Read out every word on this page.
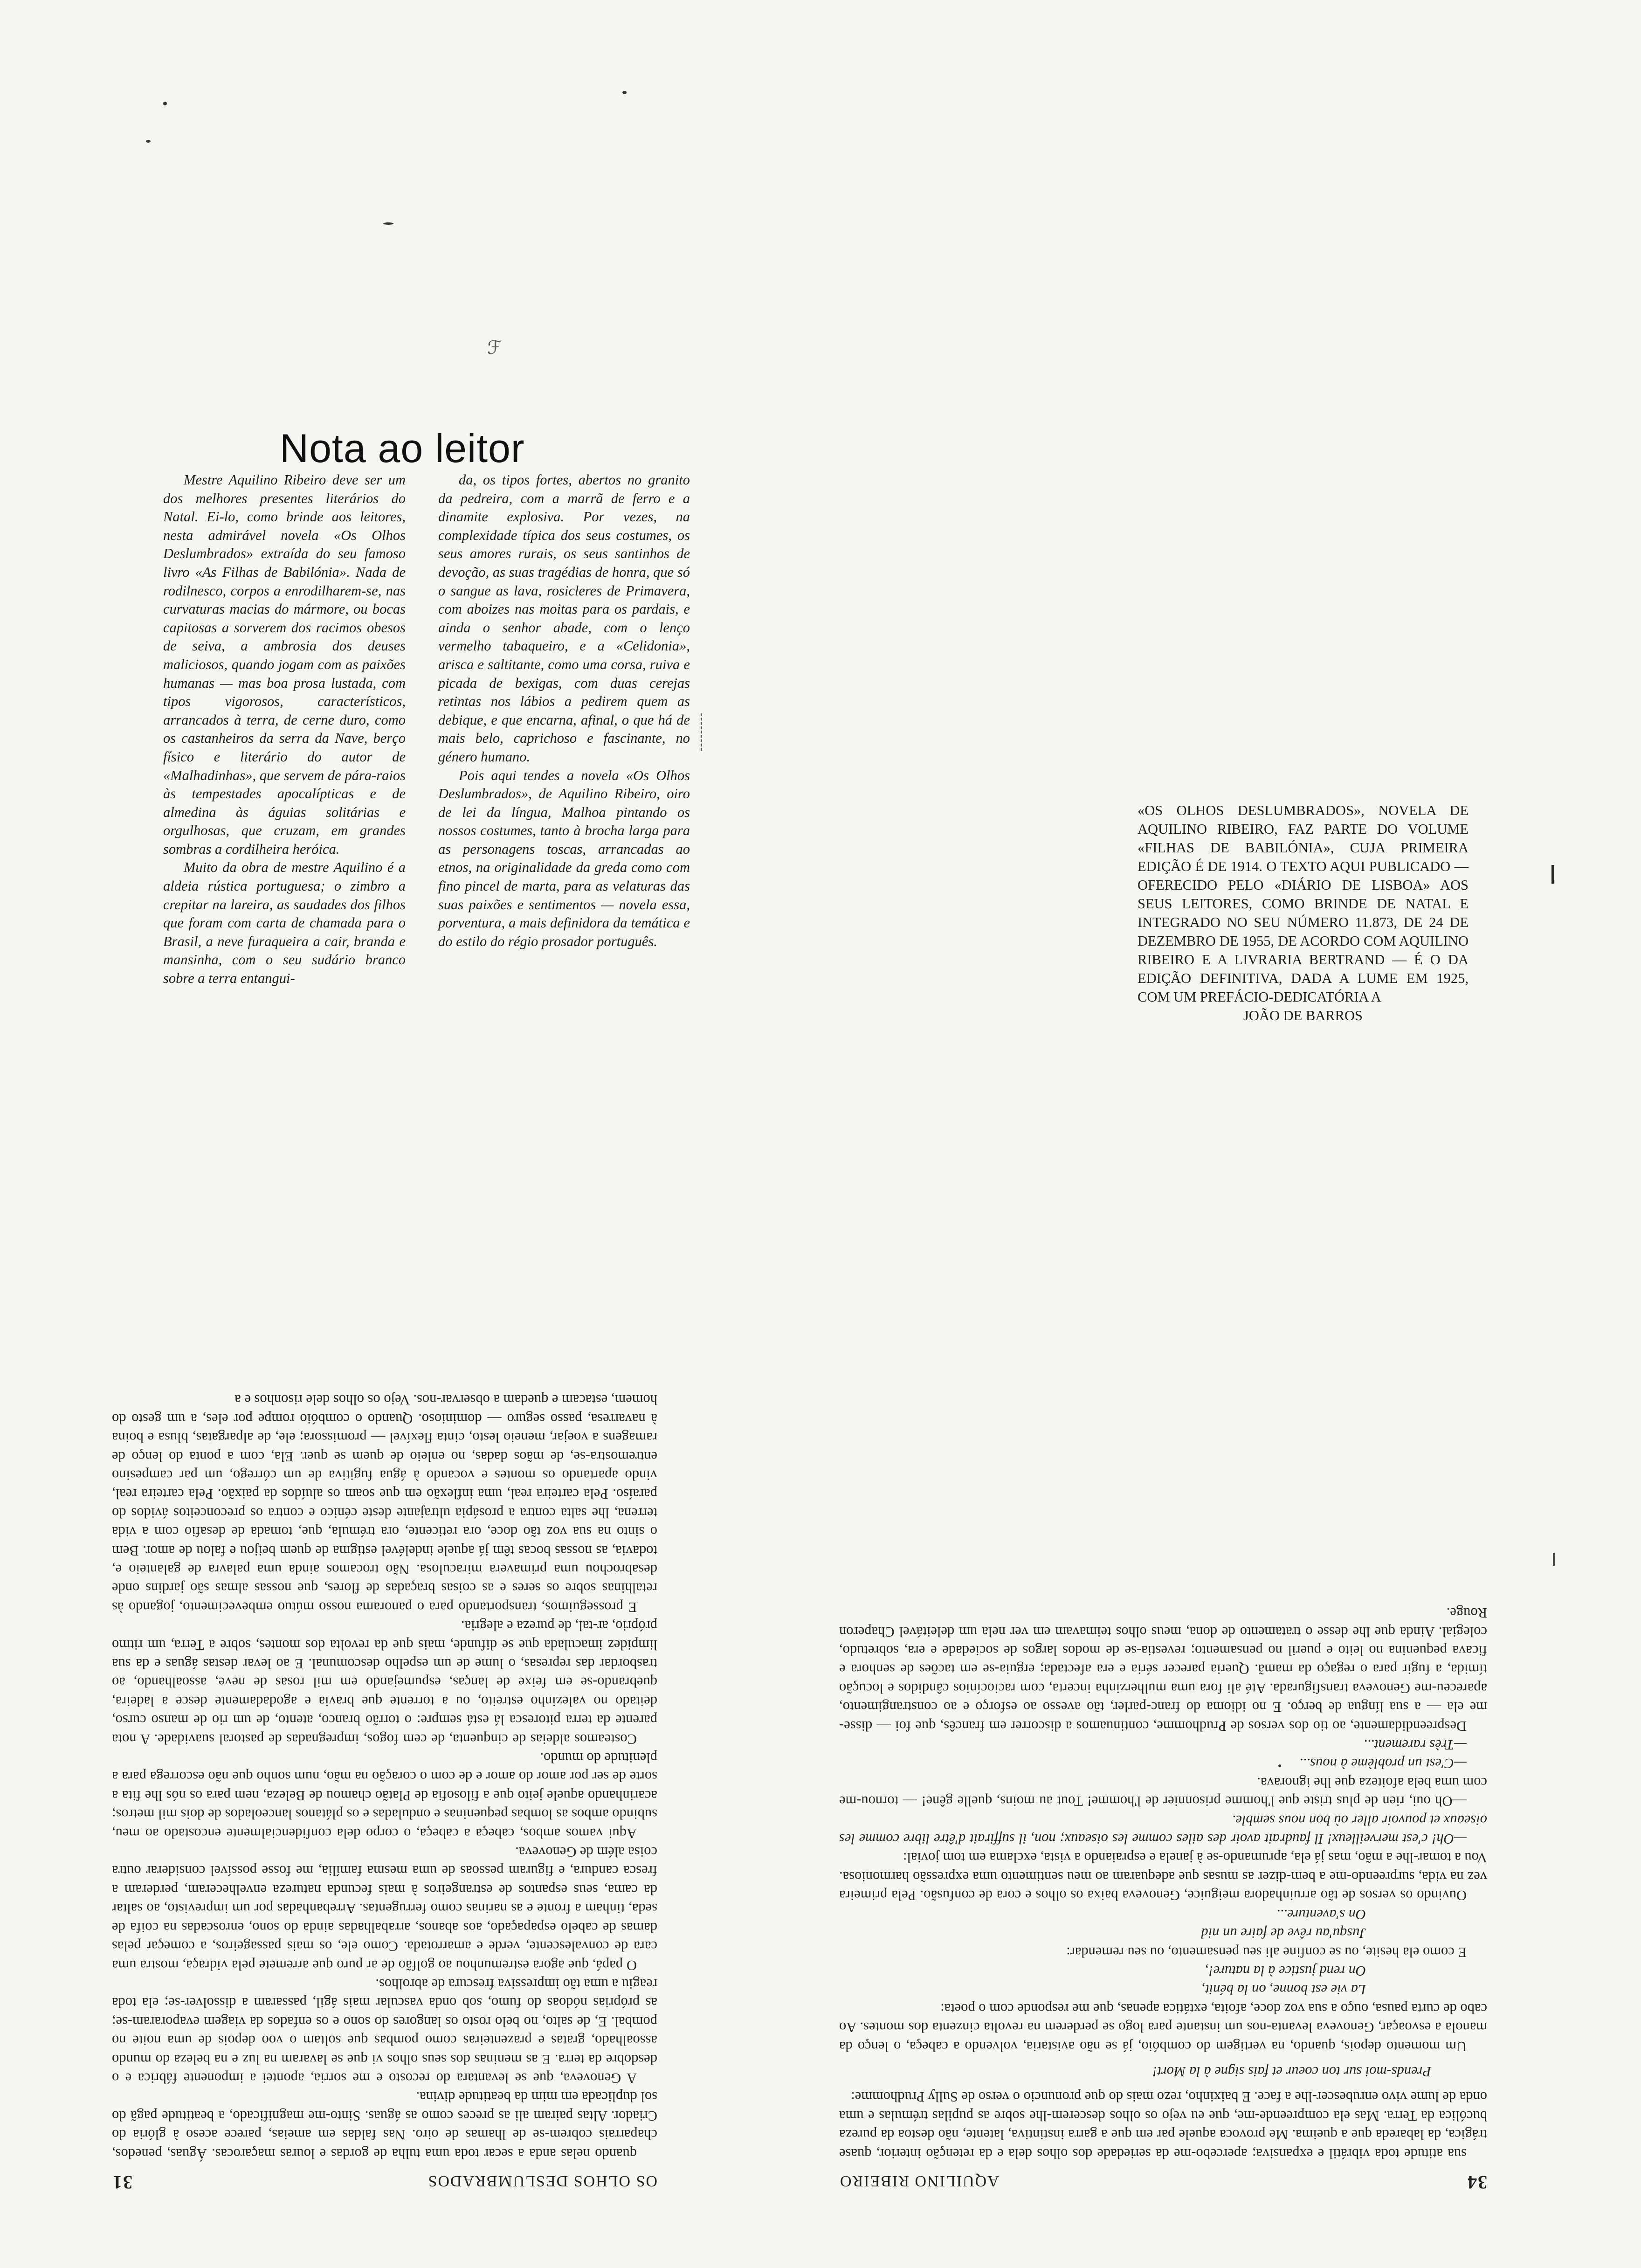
ℱ
Nota ao leitor

Mestre Aquilino Ribeiro deve ser um dos melhores presentes literários do Natal. Ei-lo, como brinde aos leitores, nesta admirável novela «Os Olhos Deslumbrados» extraída do seu famoso livro «As Filhas de Babilónia». Nada de rodilnesco, corpos a enrodilharem-se, nas curvaturas macias do mármore, ou bocas capitosas a sorverem dos racimos obesos de seiva, a ambrosia dos deuses maliciosos, quando jogam com as paixões humanas — mas boa prosa lustada, com tipos vigorosos, característicos, arrancados à terra, de cerne duro, como os castanheiros da serra da Nave, berço físico e literário do autor de «Malhadinhas», que servem de pára-raios às tempestades apocalípticas e de almedina às águias solitárias e orgulhosas, que cruzam, em grandes sombras a cordilheira heróica.

Muito da obra de mestre Aquilino é a aldeia rústica portuguesa; o zimbro a crepitar na lareira, as saudades dos filhos que foram com carta de chamada para o Brasil, a neve furaqueira a cair, branda e mansinha, com o seu sudário branco sobre a terra entangui-

da, os tipos fortes, abertos no granito da pedreira, com a marrã de ferro e a dinamite explosiva. Por vezes, na complexidade típica dos seus costumes, os seus amores rurais, os seus santinhos de devoção, as suas tragédias de honra, que só o sangue as lava, rosicleres de Primavera, com aboizes nas moitas para os pardais, e ainda o senhor abade, com o lenço vermelho tabaqueiro, e a «Celidonia», arisca e saltitante, como uma corsa, ruiva e picada de bexigas, com duas cerejas retintas nos lábios a pedirem quem as debique, e que encarna, afinal, o que há de mais belo, caprichoso e fascinante, no género humano.

Pois aqui tendes a novela «Os Olhos Deslumbrados», de Aquilino Ribeiro, oiro de lei da língua, Malhoa pintando os nossos costumes, tanto à brocha larga para as personagens toscas, arrancadas ao etnos, na originalidade da greda como com fino pincel de marta, para as velaturas das suas paixões e sentimentos — novela essa, porventura, a mais definidora da temática e do estilo do régio prosador português.

«OS OLHOS DESLUMBRADOS», NOVELA DE AQUILINO RIBEIRO, FAZ PARTE DO VOLUME «FILHAS DE BABILÓNIA», CUJA PRIMEIRA EDIÇÃO É DE 1914. O TEXTO AQUI PUBLICADO — OFERECIDO PELO «DIÁRIO DE LISBOA» AOS SEUS LEITORES, COMO BRINDE DE NATAL E INTEGRADO NO SEU NÚMERO 11.873, DE 24 DE DEZEMBRO DE 1955, DE ACORDO COM AQUILINO RIBEIRO E A LIVRARIA BERTRAND — É O DA EDIÇÃO DEFINITIVA, DADA A LUME EM 1925, COM UM PREFÁCIO-DEDICATÓRIA A
JOÃO DE BARROS
OS OLHOS DESLUMBRADOS
31

quando nelas anda a secar toda uma tulha de gordas e louras maçarocas. Águas, penedos, chaparrais cobrem-se de lhamas de oiro. Nas faldas em ameias, parece aceso à glória do Criador. Altas pairam ali as preces como as águas. Sinto-me magnificado, a beatitude pagã do sol duplicada em mim da beatitude divina.

A Genoveva, que se levantara do recosto e me sorria, apontei a imponente fábrica e o desdobre da terra. E as meninas dos seus olhos vi que se lavaram na luz e na beleza do mundo assoalhado, gratas e prazenteiras como pombas que soltam o voo depois de uma noite no pombal. E, de salto, no belo rosto os langores do sono e os enfados da viagem evaporaram-se; as próprias nódoas do fumo, sob onda vascular mais ágil, passaram a dissolver-se; ela toda reagiu a uma tão impressiva frescura de abrolhos.

O papá, que agora estremunhou ao golfão de ar puro que arremete pela vidraça, mostra uma cara de convalescente, verde e amarrotada. Como ele, os mais passageiros, a começar pelas damas de cabelo espapaçado, aos abanos, arrabalhadas ainda do sono, enroscadas na coifa de seda, tinham a fronte e as narinas como ferrugentas. Arrebanhadas por um imprevisto, ao saltar da cama, seus espantos de estrangeiros à mais fecunda natureza envelheceram, perderam a fresca candura, e figuram pessoas de uma mesma família, me fosse possível considerar outra coisa além de Genoveva.

Aqui vamos ambos, cabeça a cabeça, o corpo dela confidencialmente encostado ao meu, subindo ambos as lombas pequeninas e onduladas e os plátanos lanceolados de dois mil metros; acarinhando aquele jeito que a filosofia de Platão chamou de Beleza, nem para os nós lhe fita a sorte de ser por amor do amor e de com o coração na mão, num sonho que não escorrega para a plenitude do mundo.

Costeamos aldeias de cinquenta, de cem fogos, impregnadas de pastoral suavidade. A nota parente da terra pitoresca lá está sempre: o torrão branco, atento, de um rio de manso curso, deitado no valezinho estreito, ou a torrente que bravia e agodadamente desce a ladeira, quebrando-se em feixe de lanças, espumejando em mil rosas de neve, assoalhando, ao trasbordar das represas, o lume de um espelho descomunal. E ao levar destas águas e da sua limpidez imaculada que se difunde, mais que da revolta dos montes, sobre a Terra, um ritmo próprio, ar-tal, de pureza e alegria.

E prosseguimos, transportando para o panorama nosso mútuo embevecimento, jogando às retalhinas sobre os seres e as coisas braçadas de flores, que nossas almas são jardins onde desabrochou uma primavera miraculosa. Não trocamos ainda uma palavra de galanteio e, todavia, as nossas bocas têm já aquele indelével estigma de quem beijou e falou de amor. Bem o sinto na sua voz tão doce, ora reticente, ora trémula, que, tomada de desafio com a vida terrena, lhe salta contra a prosápia ultrajante deste cénico e contra os preconceitos ávidos do paraíso. Pela carteira real, uma inflexão em que soam os aluídos da paixão. Pela carteira real, vindo apartando os montes e vocando à água fugitiva de um córrego, um par campesino entremostra-se, de mãos dadas, no enleio de quem se quer. Ela, com a ponta do lenço de ramagens a voejar, meneio lesto, cinta flexível — promissora; ele, de alpargatas, blusa e boina à navarresa, passo seguro — dominioso. Quando o combóio rompe por eles, a um gesto do homem, estacam e quedam a observar-nos. Vejo os olhos dele risonhos e a

34
AQUILINO RIBEIRO

sua atitude toda vibrátil e expansiva; apercebo-me da seriedade dos olhos dela e da retenção interior, quase trágica, da labareda que a queima. Me provoca aquele par em que a garra instintiva, latente, não destoa da pureza bucólica da Terra. Mas ela compreende-me, que eu vejo os olhos descerem-lhe sobre as pupilas trémulas e uma onda de lume vivo enrubescer-lhe a face. E baixinho, rezo mais do que pronuncio o verso de Sully Prudhomme:

Prends-moi sur ton coeur et fais signe à la Mort!

Um momento depois, quando, na vertigem do combóio, já se não avistaria, volvendo a cabeça, o lenço da manola a esvoaçar, Genoveva levanta-nos um instante para logo se perderem na revolta cinzenta dos montes. Ao cabo de curta pausa, ouço a sua voz doce, afoita, extática apenas, que me responde com o poeta:

La vie est bonne, on la bénit,

On rend justice à la nature!,

E como ela hesite, ou se confine ali seu pensamento, ou seu remendar:

Jusqu'au rêve de faire un nid

On s'aventure...

Ouvindo os versos de tão arruinhadora meiguice, Genoveva baixa os olhos e cora de confusão. Pela primeira vez na vida, surpreendo-me a bem-dizer as musas que adequaram ao meu sentimento uma expressão harmoniosa. Vou a tomar-lhe a mão, mas já ela, aprumando-se à janela e espraiando a vista, exclama em tom jovial:

—Oh! c'est merveilleux! Il faudrait avoir des ailes comme les oiseaux; non, il suffirait d'être libre comme les oiseaux et pouvoir aller où bon nous semble.

—Oh oui, rien de plus triste que l'homme prisonnier de l'homme! Tout au moins, quelle gêne! — tornou-me com uma bela afoiteza que lhe ignorava.

—C'est un problème à nous...

—Très rarement...

Despreendidamente, ao tio dos versos de Prudhomme, continuamos a discorrer em francês, que foi — disse-me ela — a sua língua de berço. E no idioma do franc-parler, tão avesso ao esforço e ao constrangimento, apareceu-me Genoveva transfigurada. Até ali fora uma mulherzinha incerta, com raciocínios cândidos e locução tímida, a fugir para o regaço da mamã. Queria parecer séria e era afectada; erguia-se em tacões de senhora e ficava pequenina no leito e pueril no pensamento; revestia-se de modos largos de sociedade e era, sobretudo, colegial. Ainda que lhe desse o tratamento de dona, meus olhos teimavam em ver nela um deleitável Chaperon Rouge.
